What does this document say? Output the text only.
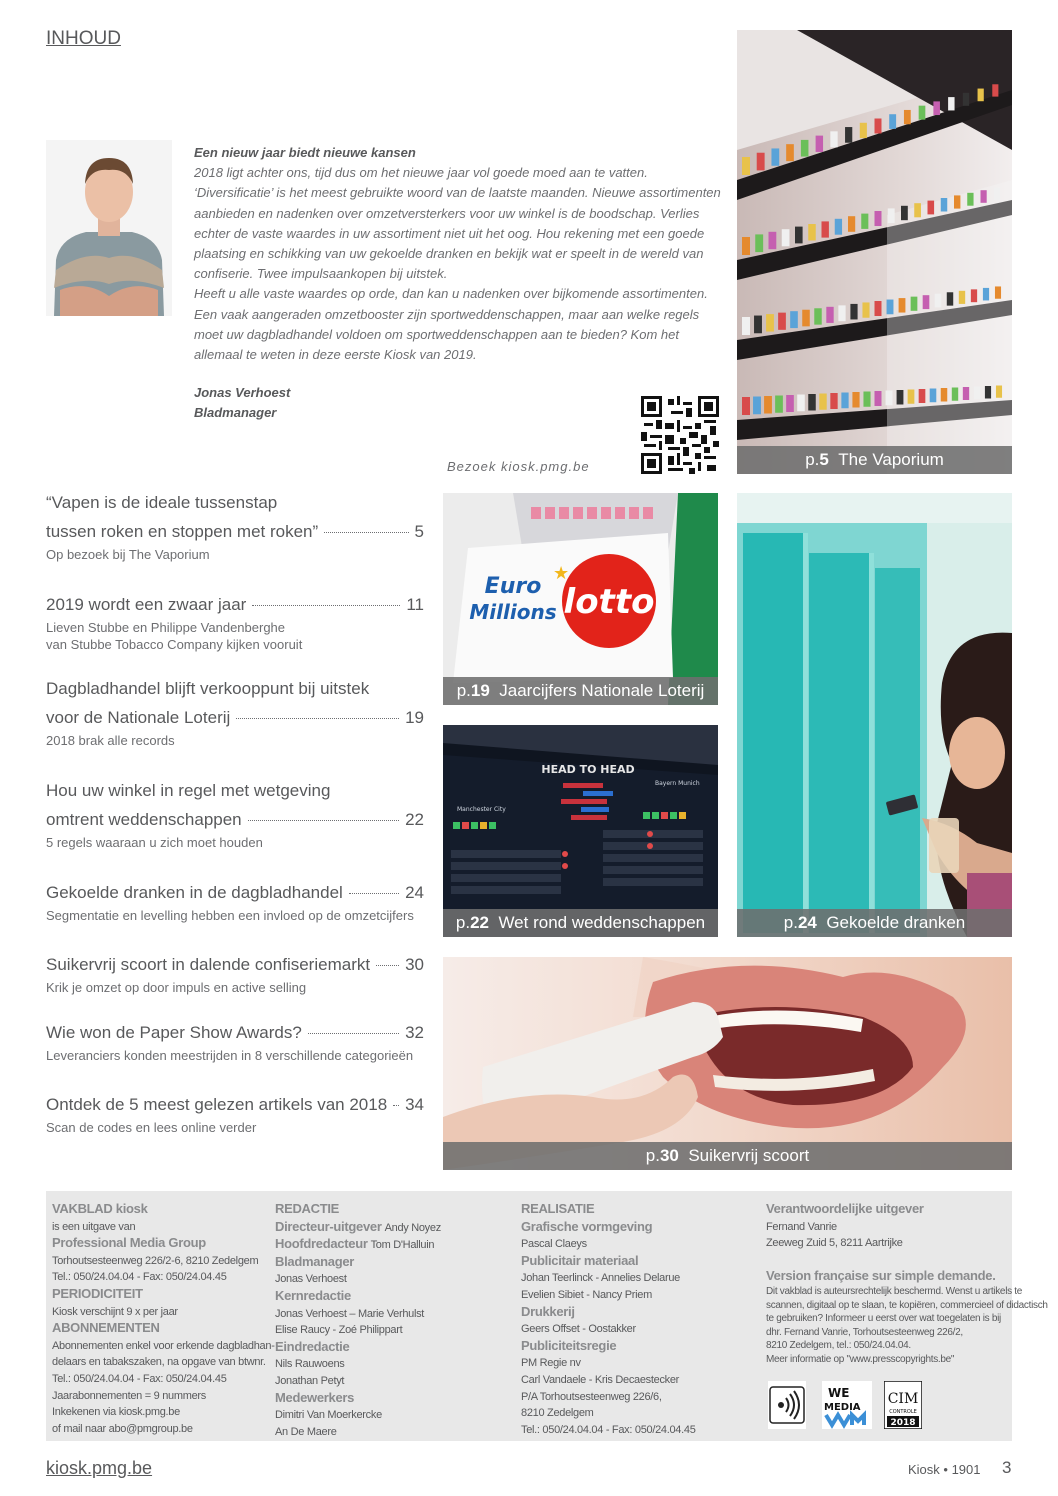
INHOUD

Een nieuw jaar biedt nieuwe kansen

2018 ligt achter ons, tijd dus om het nieuwe jaar vol goede moed aan te vatten. ‘Diversificatie’ is het meest gebruikte woord van de laatste maanden. Nieuwe assortimenten aanbieden en nadenken over omzetversterkers voor uw winkel is de boodschap. Verlies echter de vaste waardes in uw assortiment niet uit het oog. Hou rekening met een goede plaatsing en schikking van uw gekoelde dranken en bekijk wat er speelt in de wereld van confiserie. Twee impulsaankopen bij uitstek.

Heeft u alle vaste waardes op orde, dan kan u nadenken over bijkomende assortimenten. Een vaak aangeraden omzetbooster zijn sportweddenschappen, maar aan welke regels moet uw dagbladhandel voldoen om sportweddenschappen aan te bieden? Kom het allemaal te weten in deze eerste Kiosk van 2019.

Jonas Verhoest
Bladmanager
Bezoek kiosk.pmg.be	p.5 The Vaporium
lotto
Euro
Millions
★
p.19 Jaarcijfers Nationale Loterij
HEAD TO HEAD
Manchester City
Bayern Munich
p.22 Wet rond weddenschappen	p.24 Gekoelde dranken
p.30 Suikervrij scoort
“Vapen is de ideale tussenstap
tussen roken en stoppen met roken”	5
Op bezoek bij The Vaporium
2019 wordt een zwaar jaar	11
Lieven Stubbe en Philippe Vandenberghe
van Stubbe Tobacco Company kijken vooruit
Dagbladhandel blijft verkooppunt bij uitstek
voor de Nationale Loterij	19
2018 brak alle records
Hou uw winkel in regel met wetgeving
omtrent weddenschappen	22
5 regels waaraan u zich moet houden
Gekoelde dranken in de dagbladhandel	24
Segmentatie en levelling hebben een invloed op de omzetcijfers
Suikervrij scoort in dalende confiseriemarkt 30
Krik je omzet op door impuls en active selling
Wie won de Paper Show Awards?	32
Leveranciers konden meestrijden in 8 verschillende categorieën
Ontdek de 5 meest gelezen artikels van 2018 34
Scan de codes en lees online verder
VAKBLAD kiosk
is een uitgave van
Professional Media Group
Torhoutsesteenweg 226/2-6, 8210 Zedelgem
Tel.: 050/24.04.04 - Fax: 050/24.04.45
PERIODICITEIT
Kiosk verschijnt 9 x per jaar
ABONNEMENTEN
Abonnementen enkel voor erkende dagbladhan-
delaars en tabakszaken, na opgave van btwnr.
Tel.: 050/24.04.04 - Fax: 050/24.04.45
Jaarabonnementen = 9 nummers
Inkekenen via kiosk.pmg.be
of mail naar abo@pmgroup.be
REDACTIE
Directeur-uitgever Andy Noyez
Hoofdredacteur Tom D'Halluin
Bladmanager
Jonas Verhoest
Kernredactie
Jonas Verhoest – Marie Verhulst
Elise Raucy - Zoé Philippart
Eindredactie
Nils Rauwoens
Jonathan Petyt
Medewerkers
Dimitri Van Moerkercke
An De Maere
REALISATIE
Grafische vormgeving
Pascal Claeys
Publicitair materiaal
Johan Teerlinck - Annelies Delarue
Evelien Sibiet - Nancy Priem
Drukkerij
Geers Offset - Oostakker
Publiciteitsregie
PM Regie nv
Carl Vandaele - Kris Decaestecker
P/A Torhoutsesteenweg 226/6,
8210 Zedelgem
Tel.: 050/24.04.04 - Fax: 050/24.04.45
Verantwoordelijke uitgever
Fernand Vanrie
Zeeweg Zuid 5, 8211 Aartrijke
Version française sur simple demande.
Dit vakblad is auteursrechtelijk beschermd. Wenst u artikels te
scannen, digitaal op te slaan, te kopiëren, commercieel of didactisch
te gebruiken? Informeer u eerst over wat toegelaten is bij
dhr. Fernand Vanrie, Torhoutsesteenweg 226/2,
8210 Zedelgem, tel.: 050/24.04.04.
Meer informatie op "www.presscopyrights.be"
WE
MEDIA
CIM
CONTROLE
2018
kiosk.pmg.be	Kiosk • 1901 3
